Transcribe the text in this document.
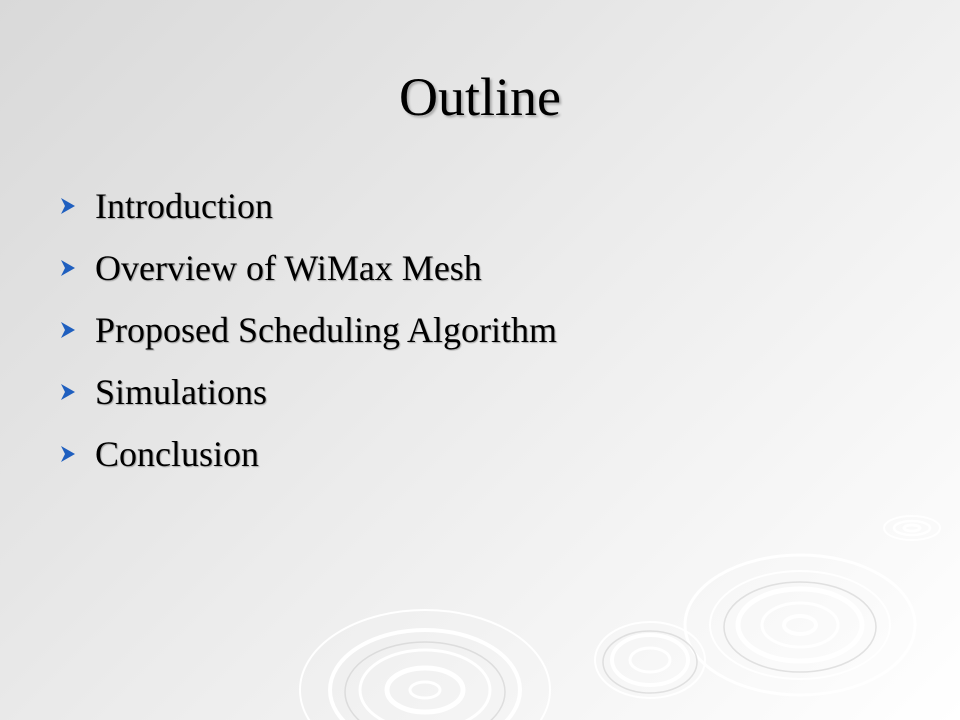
Outline
Introduction
Overview of WiMax Mesh
Proposed Scheduling Algorithm
Simulations
Conclusion
